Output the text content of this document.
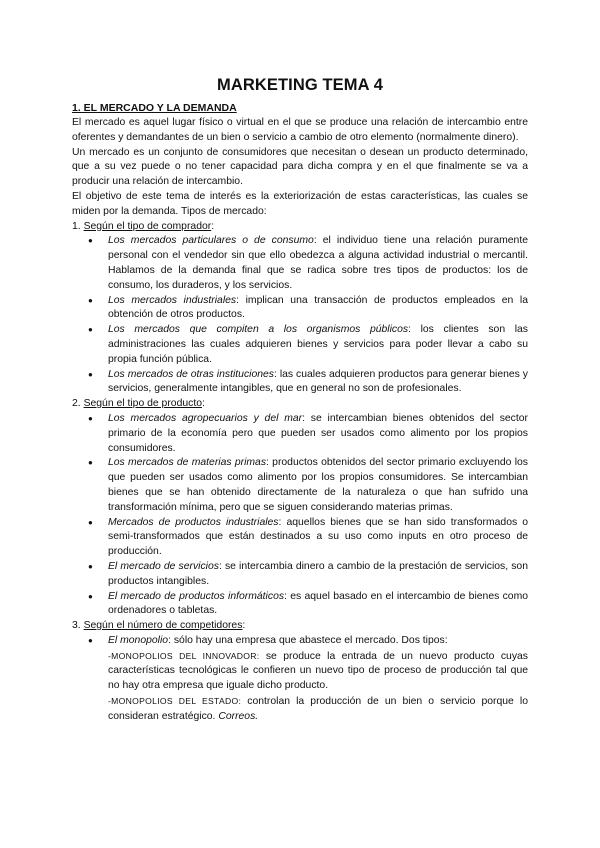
MARKETING TEMA 4
1. EL MERCADO Y LA DEMANDA

El mercado es aquel lugar físico o virtual en el que se produce una relación de intercambio entre oferentes y demandantes de un bien o servicio a cambio de otro elemento (normalmente dinero).

Un mercado es un conjunto de consumidores que necesitan o desean un producto determinado, que a su vez puede o no tener capacidad para dicha compra y en el que finalmente se va a producir una relación de intercambio.

El objetivo de este tema de interés es la exteriorización de estas características, las cuales se miden por la demanda. Tipos de mercado:

1. Según el tipo de comprador:
● Los mercados particulares o de consumo: el individuo tiene una relación puramente personal con el vendedor sin que ello obedezca a alguna actividad industrial o mercantil. Hablamos de la demanda final que se radica sobre tres tipos de productos: los de consumo, los duraderos, y los servicios.
● Los mercados industriales: implican una transacción de productos empleados en la obtención de otros productos.
● Los mercados que compiten a los organismos públicos: los clientes son las administraciones las cuales adquieren bienes y servicios para poder llevar a cabo su propia función pública.
● Los mercados de otras instituciones: las cuales adquieren productos para generar bienes y servicios, generalmente intangibles, que en general no son de profesionales.
2. Según el tipo de producto:
● Los mercados agropecuarios y del mar: se intercambian bienes obtenidos del sector primario de la economía pero que pueden ser usados como alimento por los propios consumidores.
● Los mercados de materias primas: productos obtenidos del sector primario excluyendo los que pueden ser usados como alimento por los propios consumidores. Se intercambian bienes que se han obtenido directamente de la naturaleza o que han sufrido una transformación mínima, pero que se siguen considerando materias primas.
● Mercados de productos industriales: aquellos bienes que se han sido transformados o semi-transformados que están destinados a su uso como inputs en otro proceso de producción.
● El mercado de servicios: se intercambia dinero a cambio de la prestación de servicios, son productos intangibles.
● El mercado de productos informáticos: es aquel basado en el intercambio de bienes como ordenadores o tabletas.
3. Según el número de competidores:
● El monopolio: sólo hay una empresa que abastece el mercado. Dos tipos:
-MONOPOLIOS DEL INNOVADOR: se produce la entrada de un nuevo producto cuyas características tecnológicas le confieren un nuevo tipo de proceso de producción tal que no hay otra empresa que iguale dicho producto.
-MONOPOLIOS DEL ESTADO: controlan la producción de un bien o servicio porque lo consideran estratégico. Correos.
